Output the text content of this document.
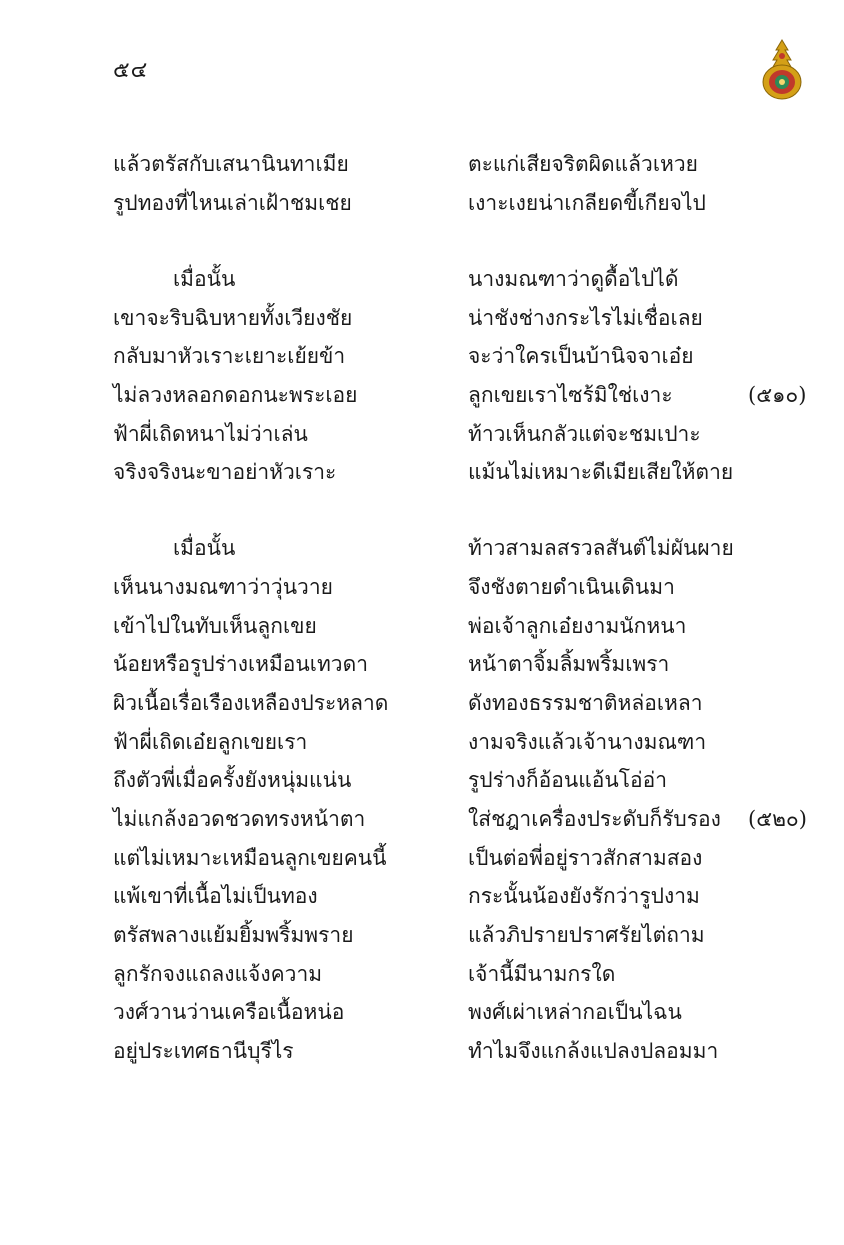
๕๔
แล้วตรัสกับเสนานินทาเมีย	ตะแก่เสียจริตผิดแล้วเหวย
รูปทองที่ไหนเล่าเฝ้าชมเชย	เงาะเงยน่าเกลียดขี้เกียจไป
เมื่อนั้น	นางมณฑาว่าดูดื้อไปได้
เขาจะริบฉิบหายทั้งเวียงชัย	น่าชังช่างกระไรไม่เชื่อเลย
กลับมาหัวเราะเยาะเย้ยข้า	จะว่าใครเป็นบ้านิจจาเอ๋ย
ไม่ลวงหลอกดอกนะพระเอย	ลูกเขยเราไซร้มิใช่เงาะ	(๕๑๐)
ฟ้าผี่เถิดหนาไม่ว่าเล่น	ท้าวเห็นกลัวแต่จะชมเปาะ
จริงจริงนะขาอย่าหัวเราะ	แม้นไม่เหมาะดีเมียเสียให้ตาย
เมื่อนั้น	ท้าวสามลสรวลสันต์ไม่ผันผาย
เห็นนางมณฑาว่าวุ่นวาย	จึงชังตายดำเนินเดินมา
เข้าไปในทับเห็นลูกเขย	พ่อเจ้าลูกเอ๋ยงามนักหนา
น้อยหรือรูปร่างเหมือนเทวดา	หน้าตาจิ้มลิ้มพริ้มเพรา
ผิวเนื้อเรื่อเรืองเหลืองประหลาด	ดังทองธรรมชาติหล่อเหลา
ฟ้าผี่เถิดเอ๋ยลูกเขยเรา	งามจริงแล้วเจ้านางมณฑา
ถึงตัวพี่เมื่อครั้งยังหนุ่มแน่น	รูปร่างก็อ้อนแอ้นโอ่อ่า
ไม่แกล้งอวดชวดทรงหน้าตา	ใส่ชฎาเครื่องประดับก็รับรอง (๕๒๐)
แต่ไม่เหมาะเหมือนลูกเขยคนนี้	เป็นต่อพี่อยู่ราวสักสามสอง
แพ้เขาที่เนื้อไม่เป็นทอง	กระนั้นน้องยังรักว่ารูปงาม
ตรัสพลางแย้มยิ้มพริ้มพราย	แล้วภิปรายปราศรัยไต่ถาม
ลูกรักจงแถลงแจ้งความ	เจ้านี้มีนามกรใด
วงศ์วานว่านเครือเนื้อหน่อ	พงศ์เผ่าเหล่ากอเป็นไฉน
อยู่ประเทศธานีบุรีไร	ทำไมจึงแกล้งแปลงปลอมมา
